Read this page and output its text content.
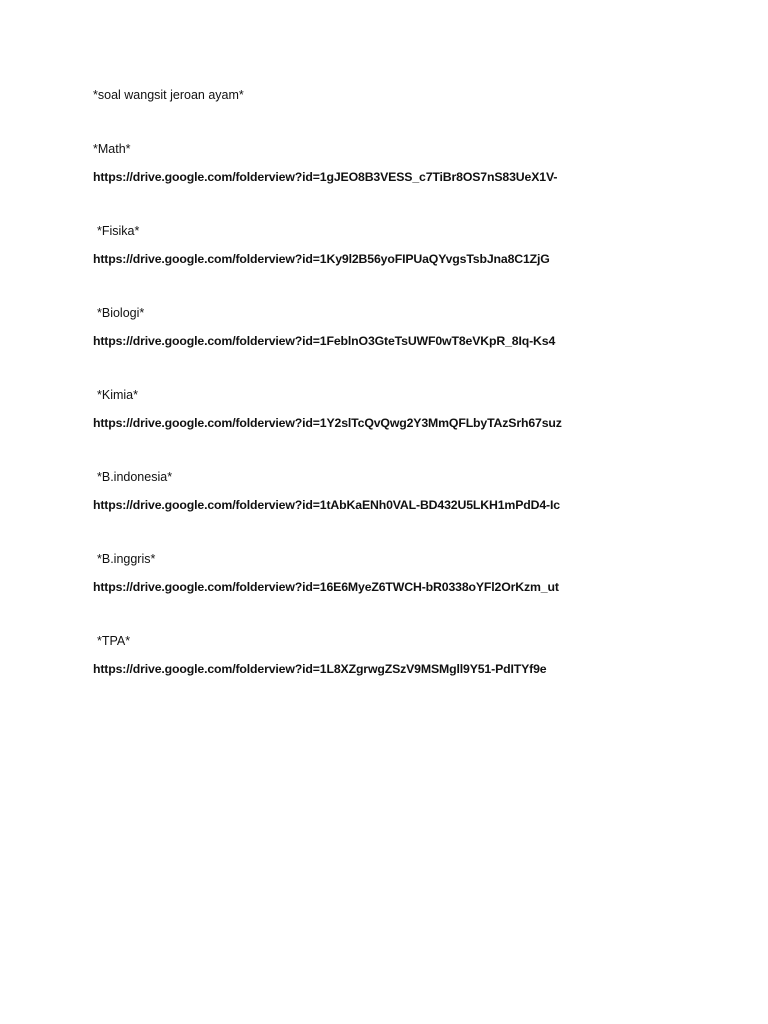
*soal wangsit jeroan ayam*

*Math*

https://drive.google.com/folderview?id=1gJEO8B3VESS_c7TiBr8OS7nS83UeX1V-

*Fisika*

https://drive.google.com/folderview?id=1Ky9l2B56yoFIPUaQYvgsTsbJna8C1ZjG

*Biologi*

https://drive.google.com/folderview?id=1FeblnO3GteTsUWF0wT8eVKpR_8Iq-Ks4

*Kimia*

https://drive.google.com/folderview?id=1Y2slTcQvQwg2Y3MmQFLbyTAzSrh67suz

*B.indonesia*

https://drive.google.com/folderview?id=1tAbKaENh0VAL-BD432U5LKH1mPdD4-Ic

*B.inggris*

https://drive.google.com/folderview?id=16E6MyeZ6TWCH-bR0338oYFl2OrKzm_ut

*TPA*

https://drive.google.com/folderview?id=1L8XZgrwgZSzV9MSMgll9Y51-PdITYf9e
